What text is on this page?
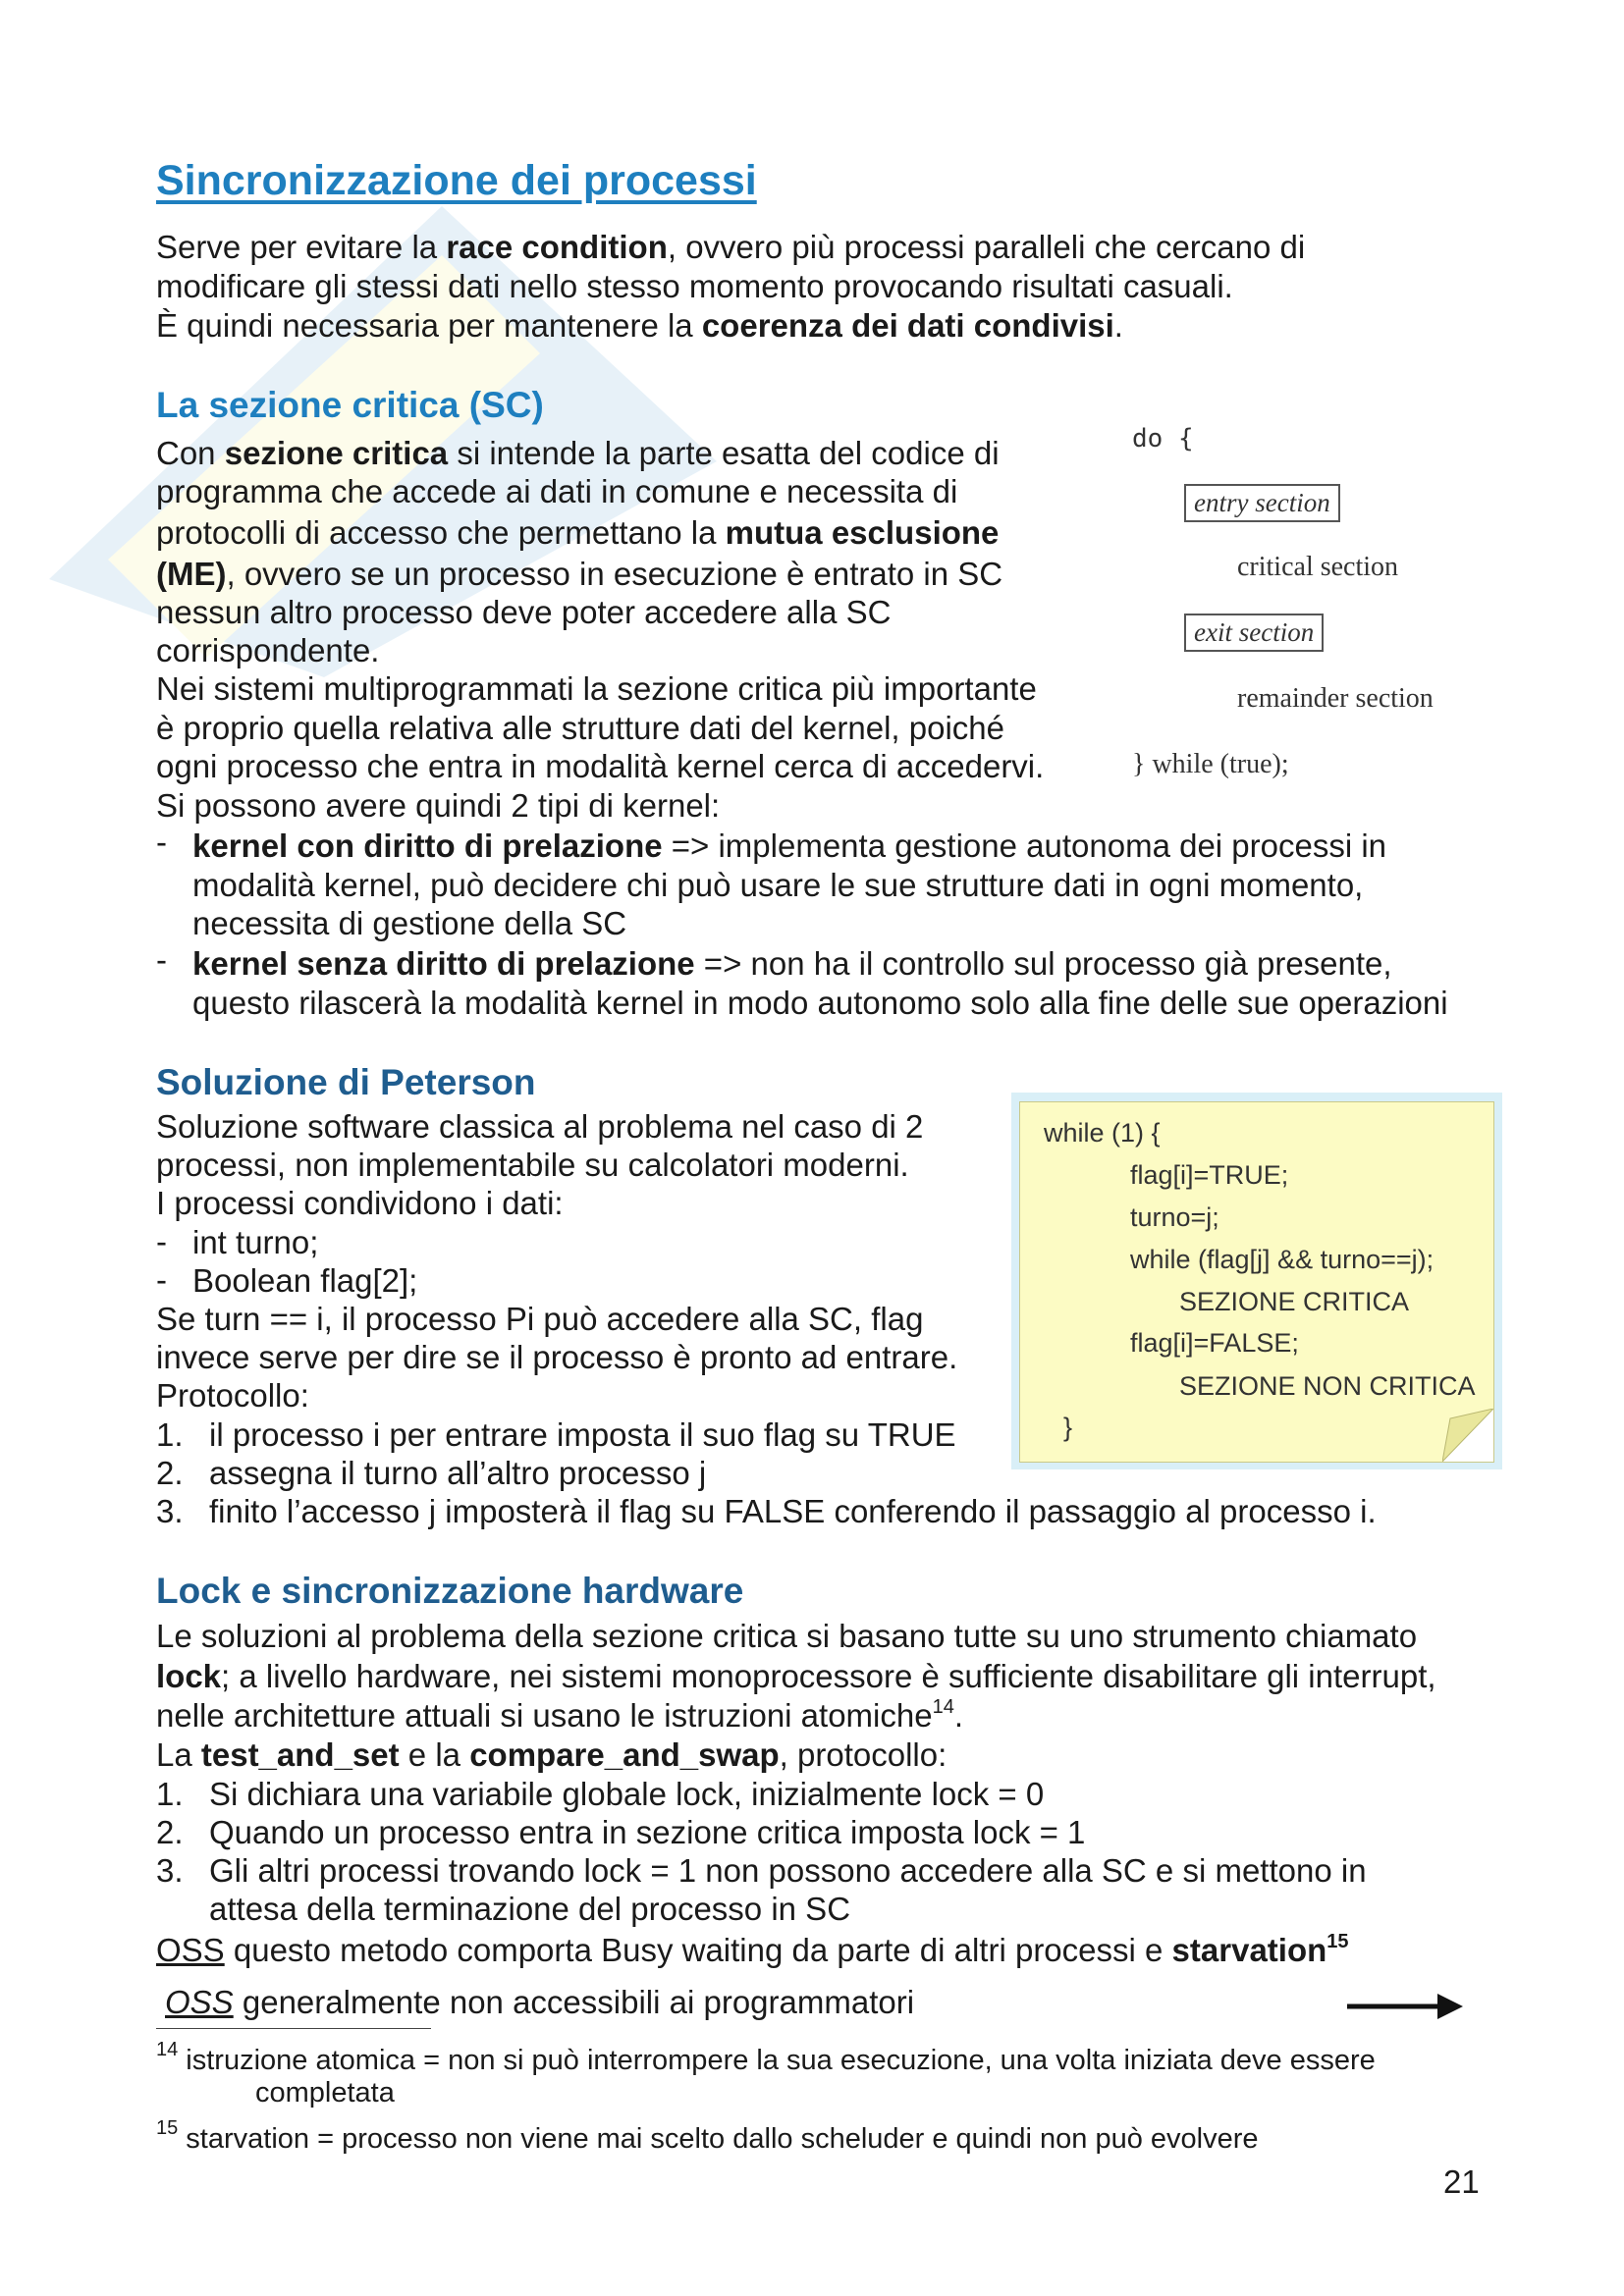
Sincronizzazione dei processi
Serve per evitare la race condition, ovvero più processi paralleli che cercano di
modificare gli stessi dati nello stesso momento provocando risultati casuali.
È quindi necessaria per mantenere la coerenza dei dati condivisi.
La sezione critica (SC)
Con sezione critica si intende la parte esatta del codice di
programma che accede ai dati in comune e necessita di
protocolli di accesso che permettano la mutua esclusione
(ME), ovvero se un processo in esecuzione è entrato in SC
nessun altro processo deve poter accedere alla SC
corrispondente.
Nei sistemi multiprogrammati la sezione critica più importante
è proprio quella relativa alle strutture dati del kernel, poiché
ogni processo che entra in modalità kernel cerca di accedervi.
Si possono avere quindi 2 tipi di kernel:
- kernel con diritto di prelazione => implementa gestione autonoma dei processi in
modalità kernel, può decidere chi può usare le sue strutture dati in ogni momento,
necessita di gestione della SC
- kernel senza diritto di prelazione => non ha il controllo sul processo già presente,
questo rilascerà la modalità kernel in modo autonomo solo alla fine delle sue operazioni
do {
entry section
critical section
exit section
remainder section
} while (true);
Soluzione di Peterson
Soluzione software classica al problema nel caso di 2
processi, non implementabile su calcolatori moderni.
I processi condividono i dati:
- int turno;
- Boolean flag[2];
Se turn == i, il processo Pi può accedere alla SC, flag
invece serve per dire se il processo è pronto ad entrare.
Protocollo:
1. il processo i per entrare imposta il suo flag su TRUE
2. assegna il turno all’altro processo j
3. finito l’accesso j imposterà il flag su FALSE conferendo il passaggio al processo i.
while (1) {
flag[i]=TRUE;
turno=j;
while (flag[j] && turno==j);
SEZIONE CRITICA
flag[i]=FALSE;
SEZIONE NON CRITICA
}
Lock e sincronizzazione hardware
Le soluzioni al problema della sezione critica si basano tutte su uno strumento chiamato
lock; a livello hardware, nei sistemi monoprocessore è sufficiente disabilitare gli interrupt,
nelle architetture attuali si usano le istruzioni atomiche$^{14}$.
La test_and_set e la compare_and_swap, protocollo:
1. Si dichiara una variabile globale lock, inizialmente lock = 0
2. Quando un processo entra in sezione critica imposta lock = 1
3. Gli altri processi trovando lock = 1 non possono accedere alla SC e si mettono in
attesa della terminazione del processo in SC
OSS questo metodo comporta Busy waiting da parte di altri processi e starvation$^{15}$
OSS generalmente non accessibili ai programmatori
$^{14}$ istruzione atomica = non si può interrompere la sua esecuzione, una volta iniziata deve essere
completata
$^{15}$ starvation = processo non viene mai scelto dallo scheluder e quindi non può evolvere
21
